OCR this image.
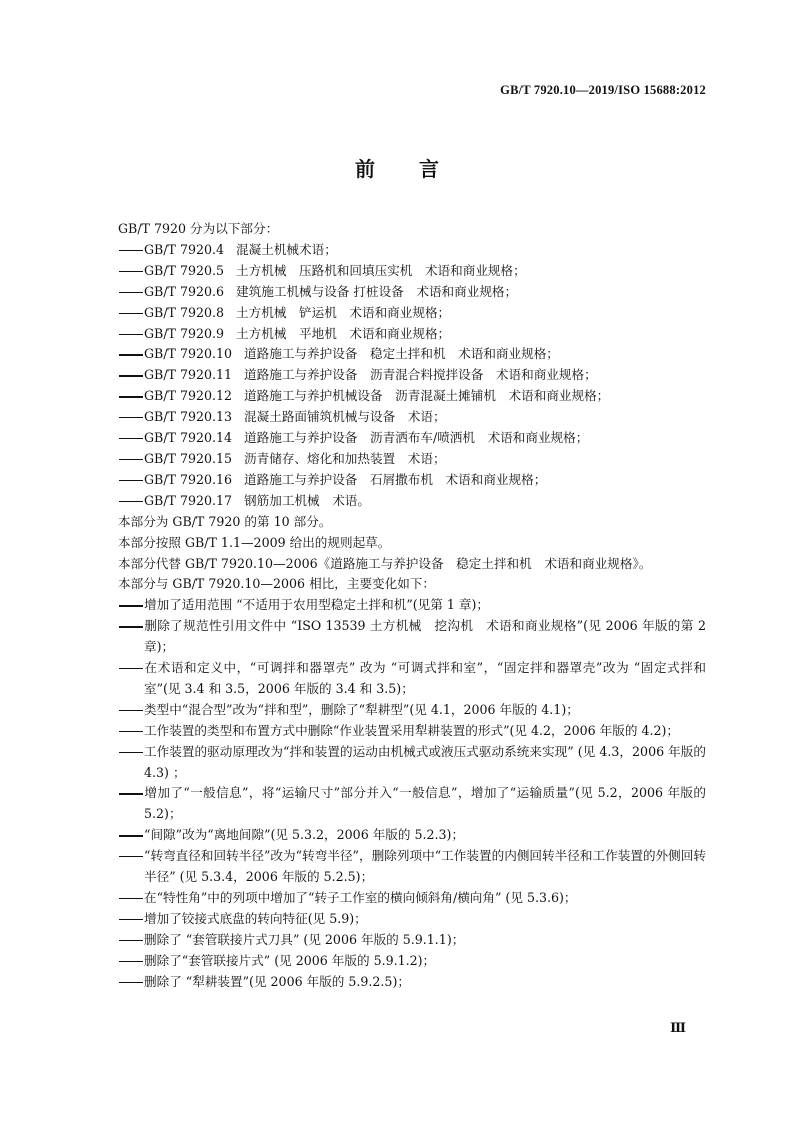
GB/T 7920.10—2019/ISO 15688:2012
前言
GB/T 7920 分为以下部分：
GB/T 7920.4 混凝土机械术语；
GB/T 7920.5 土方机械　压路机和回填压实机　术语和商业规格；
GB/T 7920.6 建筑施工机械与设备 打桩设备　术语和商业规格；
GB/T 7920.8 土方机械　铲运机　术语和商业规格；
GB/T 7920.9 土方机械　平地机　术语和商业规格；
GB/T 7920.10 道路施工与养护设备　稳定土拌和机　术语和商业规格；
GB/T 7920.11 道路施工与养护设备　沥青混合料搅拌设备　术语和商业规格；
GB/T 7920.12 道路施工与养护机械设备　沥青混凝土摊铺机　术语和商业规格；
GB/T 7920.13 混凝土路面铺筑机械与设备　术语；
GB/T 7920.14 道路施工与养护设备　沥青洒布车/喷洒机　术语和商业规格；
GB/T 7920.15 沥青储存、熔化和加热装置　术语；
GB/T 7920.16 道路施工与养护设备　石屑撒布机　术语和商业规格；
GB/T 7920.17 钢筋加工机械　术语。
本部分为 GB/T 7920 的第 10 部分。
本部分按照 GB/T 1.1—2009 给出的规则起草。
本部分代替 GB/T 7920.10—2006《道路施工与养护设备　稳定土拌和机　术语和商业规格》。
本部分与 GB/T 7920.10—2006 相比，主要变化如下：
增加了适用范围 “不适用于农用型稳定土拌和机”(见第 1 章)；
删除了规范性引用文件中 “ISO 13539 土方机械　挖沟机　术语和商业规格”(见 2006 年版的第 2 章)；
在术语和定义中，“可调拌和器罩壳” 改为 “可调式拌和室”，“固定拌和器罩壳”改为 “固定式拌和室”(见 3.4 和 3.5，2006 年版的 3.4 和 3.5)；
类型中“混合型”改为“拌和型”，删除了“犁耕型”(见 4.1，2006 年版的 4.1)；
工作装置的类型和布置方式中删除“作业装置采用犁耕装置的形式”(见 4.2，2006 年版的 4.2)；
工作装置的驱动原理改为“拌和装置的运动由机械式或液压式驱动系统来实现” (见 4.3，2006 年版的 4.3) ；
增加了“一般信息”，将“运输尺寸”部分并入“一般信息”，增加了“运输质量”(见 5.2，2006 年版的 5.2)；
“间隙”改为“离地间隙”(见 5.3.2，2006 年版的 5.2.3)；
“转弯直径和回转半径”改为“转弯半径”，删除列项中“工作装置的内侧回转半径和工作装置的外侧回转半径” (见 5.3.4，2006 年版的 5.2.5)；
在“特性角”中的列项中增加了“转子工作室的横向倾斜角/横向角” (见 5.3.6)；
增加了铰接式底盘的转向特征(见 5.9)；
删除了 “套管联接片式刀具” (见 2006 年版的 5.9.1.1)；
删除了“套管联接片式” (见 2006 年版的 5.9.1.2)；
删除了 “犁耕装置”(见 2006 年版的 5.9.2.5)；
Ⅲ
